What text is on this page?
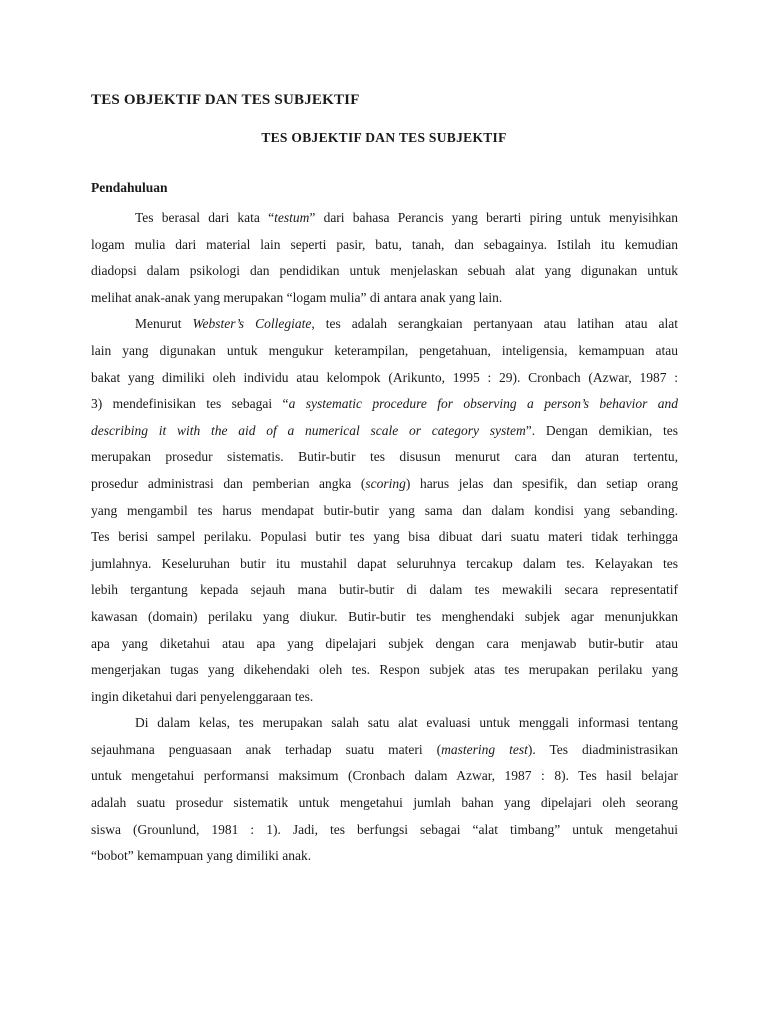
TES OBJEKTIF DAN TES SUBJEKTIF
TES OBJEKTIF DAN TES SUBJEKTIF
Pendahuluan
Tes berasal dari kata “testum” dari bahasa Perancis yang berarti piring untuk menyisihkan
logam mulia dari material lain seperti pasir, batu, tanah, dan sebagainya. Istilah itu kemudian
diadopsi dalam psikologi dan pendidikan untuk menjelaskan sebuah alat yang digunakan untuk
melihat anak-anak yang merupakan “logam mulia” di antara anak yang lain.
Menurut Webster’s Collegiate, tes adalah serangkaian pertanyaan atau latihan atau alat
lain yang digunakan untuk mengukur keterampilan, pengetahuan, inteligensia, kemampuan atau
bakat yang dimiliki oleh individu atau kelompok (Arikunto, 1995 : 29). Cronbach (Azwar, 1987 :
3) mendefinisikan tes sebagai “a systematic procedure for observing a person’s behavior and
describing it with the aid of a numerical scale or category system”. Dengan demikian, tes
merupakan prosedur sistematis. Butir-butir tes disusun menurut cara dan aturan tertentu,
prosedur administrasi dan pemberian angka (scoring) harus jelas dan spesifik, dan setiap orang
yang mengambil tes harus mendapat butir-butir yang sama dan dalam kondisi yang sebanding.
Tes berisi sampel perilaku. Populasi butir tes yang bisa dibuat dari suatu materi tidak terhingga
jumlahnya. Keseluruhan butir itu mustahil dapat seluruhnya tercakup dalam tes. Kelayakan tes
lebih tergantung kepada sejauh mana butir-butir di dalam tes mewakili secara representatif
kawasan (domain) perilaku yang diukur. Butir-butir tes menghendaki subjek agar menunjukkan
apa yang diketahui atau apa yang dipelajari subjek dengan cara menjawab butir-butir atau
mengerjakan tugas yang dikehendaki oleh tes. Respon subjek atas tes merupakan perilaku yang
ingin diketahui dari penyelenggaraan tes.
Di dalam kelas, tes merupakan salah satu alat evaluasi untuk menggali informasi tentang
sejauhmana penguasaan anak terhadap suatu materi (mastering test). Tes diadministrasikan
untuk mengetahui performansi maksimum (Cronbach dalam Azwar, 1987 : 8). Tes hasil belajar
adalah suatu prosedur sistematik untuk mengetahui jumlah bahan yang dipelajari oleh seorang
siswa (Grounlund, 1981 : 1). Jadi, tes berfungsi sebagai “alat timbang” untuk mengetahui
“bobot” kemampuan yang dimiliki anak.
